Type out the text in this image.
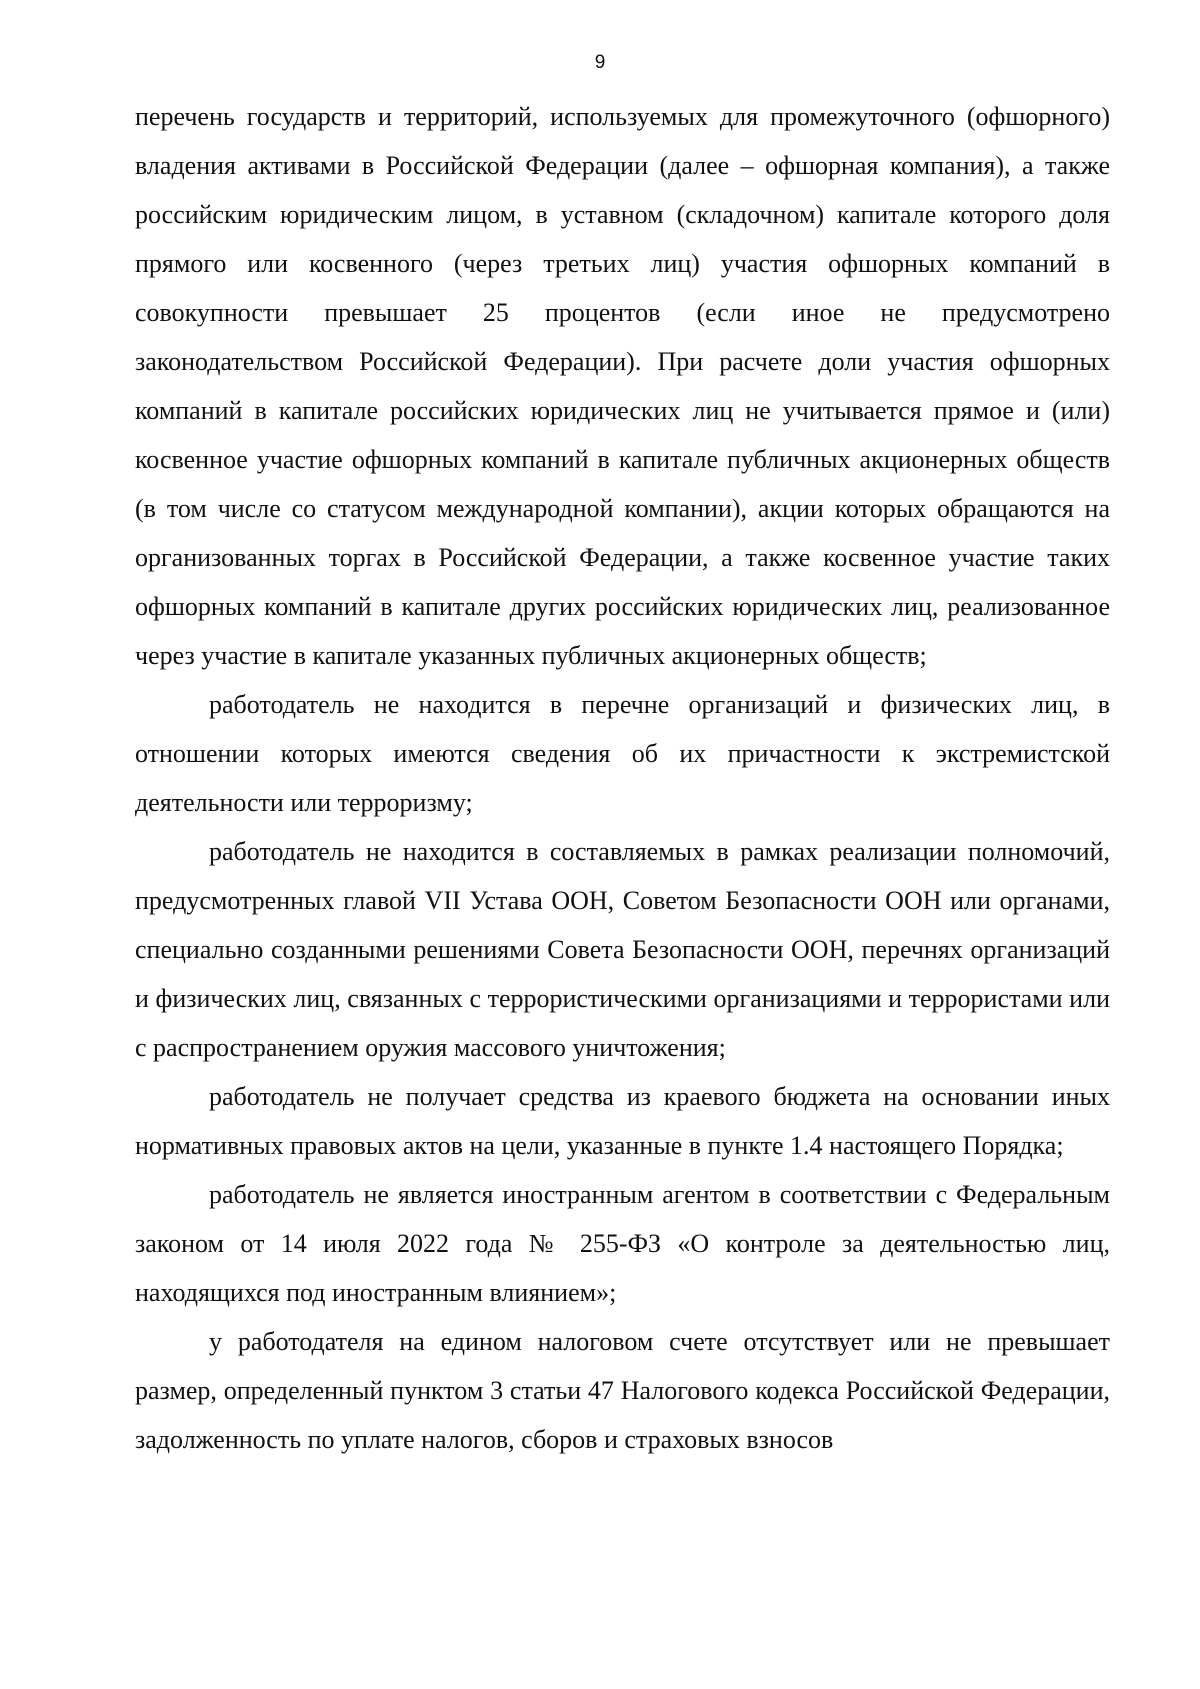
9

перечень государств и территорий, используемых для промежуточного (офшорного) владения активами в Российской Федерации (далее – офшорная компания), а также российским юридическим лицом, в уставном (складочном) капитале которого доля прямого или косвенного (через третьих лиц) участия офшорных компаний в совокупности превышает 25 процентов (если иное не предусмотрено законодательством Российской Федерации). При расчете доли участия офшорных компаний в капитале российских юридических лиц не учитывается прямое и (или) косвенное участие офшорных компаний в капитале публичных акционерных обществ (в том числе со статусом международной компании), акции которых обращаются на организованных торгах в Российской Федерации, а также косвенное участие таких офшорных компаний в капитале других российских юридических лиц, реализованное через участие в капитале указанных публичных акционерных обществ;

работодатель не находится в перечне организаций и физических лиц, в отношении которых имеются сведения об их причастности к экстремистской деятельности или терроризму;

работодатель не находится в составляемых в рамках реализации полномочий, предусмотренных главой VII Устава ООН, Советом Безопасности ООН или органами, специально созданными решениями Совета Безопасности ООН, перечнях организаций и физических лиц, связанных с террористическими организациями и террористами или с распространением оружия массового уничтожения;

работодатель не получает средства из краевого бюджета на основании иных нормативных правовых актов на цели, указанные в пункте 1.4 настоящего Порядка;

работодатель не является иностранным агентом в соответствии с Федеральным законом от 14 июля 2022 года № 255-ФЗ «О контроле за деятельностью лиц, находящихся под иностранным влиянием»;

у работодателя на едином налоговом счете отсутствует или не превышает размер, определенный пунктом 3 статьи 47 Налогового кодекса Российской Федерации, задолженность по уплате налогов, сборов и страховых взносов
